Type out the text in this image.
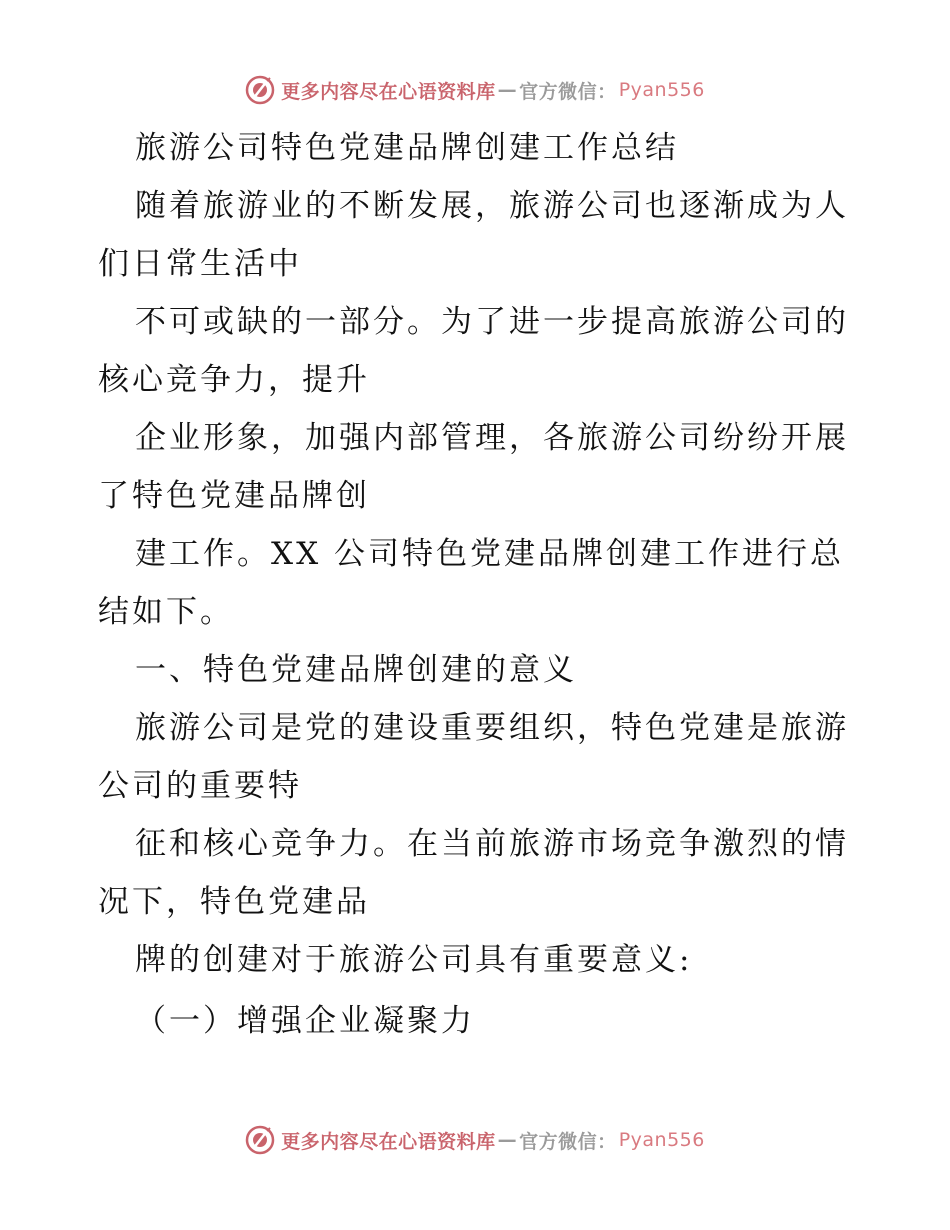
更多内容尽在心语资料库 — 官方微信： Pyan556
旅游公司特色党建品牌创建工作总结
随着旅游业的不断发展，旅游公司也逐渐成为人
们日常生活中
不可或缺的一部分。为了进一步提高旅游公司的
核心竞争力，提升
企业形象，加强内部管理，各旅游公司纷纷开展
了特色党建品牌创
建工作。XX 公司特色党建品牌创建工作进行总
结如下。
一、特色党建品牌创建的意义
旅游公司是党的建设重要组织，特色党建是旅游
公司的重要特
征和核心竞争力。在当前旅游市场竞争激烈的情
况下，特色党建品
牌的创建对于旅游公司具有重要意义:
（一）增强企业凝聚力
更多内容尽在心语资料库 — 官方微信： Pyan556
